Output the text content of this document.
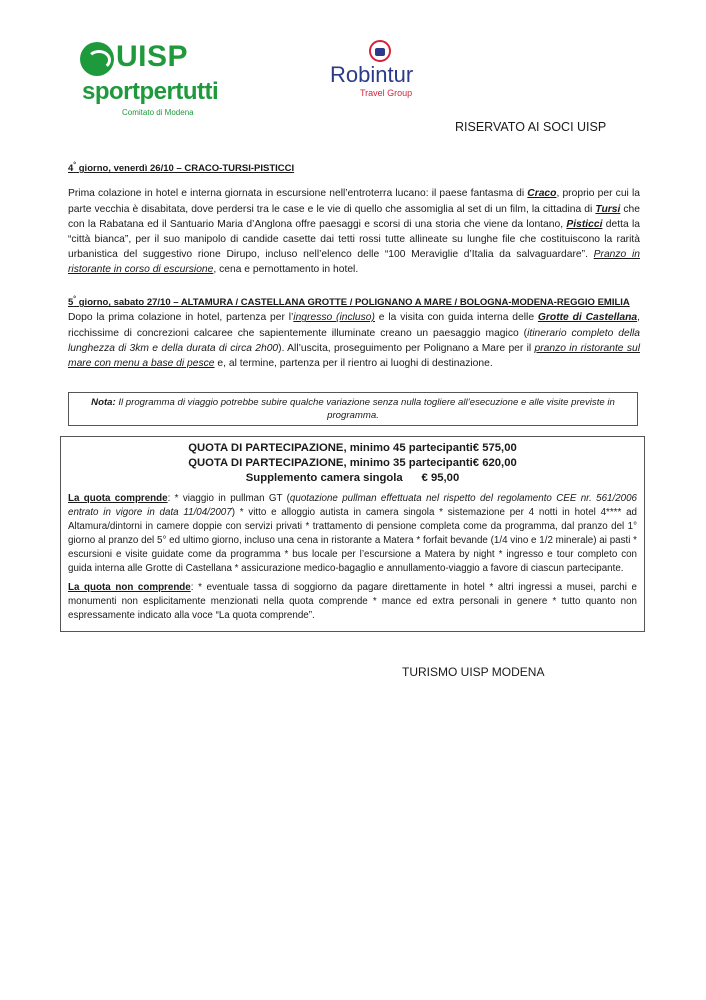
UISP
sportpertutti
Comitato di Modena
Robintur
Travel Group
RISERVATO AI SOCI UISP
4° giorno, venerdì 26/10 – CRACO-TURSI-PISTICCI

Prima colazione in hotel e interna giornata in escursione nell’entroterra lucano: il paese fantasma di Craco, proprio per cui la parte vecchia è disabitata, dove perdersi tra le case e le vie di quello che assomiglia al set di un film, la cittadina di Tursi che con la Rabatana ed il Santuario Maria d’Anglona offre paesaggi e scorsi di una storia che viene da lontano, Pisticci detta la “città bianca”, per il suo manipolo di candide casette dai tetti rossi tutte allineate su lunghe file che costituiscono la rarità urbanistica del suggestivo rione Dirupo, incluso nell’elenco delle “100 Meraviglie d’Italia da salvaguardare”. Pranzo in ristorante in corso di escursione, cena e pernottamento in hotel.

5° giorno, sabato 27/10 – ALTAMURA / CASTELLANA GROTTE / POLIGNANO A MARE / BOLOGNA-MODENA-REGGIO EMILIA

Dopo la prima colazione in hotel, partenza per l’ingresso (incluso) e la visita con guida interna delle Grotte di Castellana, ricchissime di concrezioni calcaree che sapientemente illuminate creano un paesaggio magico (itinerario completo della lunghezza di 3km e della durata di circa 2h00). All’uscita, proseguimento per Polignano a Mare per il pranzo in ristorante sul mare con menu a base di pesce e, al termine, partenza per il rientro ai luoghi di destinazione.

Nota: Il programma di viaggio potrebbe subire qualche variazione senza nulla togliere all’esecuzione e alle visite previste in programma.
QUOTA DI PARTECIPAZIONE, minimo 45 partecipanti€ 575,00
QUOTA DI PARTECIPAZIONE, minimo 35 partecipanti€ 620,00
Supplemento camera singola      € 95,00
La quota comprende: * viaggio in pullman GT (quotazione pullman effettuata nel rispetto del regolamento CEE nr. 561/2006 entrato in vigore in data 11/04/2007) * vitto e alloggio autista in camera singola * sistemazione per 4 notti in hotel 4**** ad Altamura/dintorni in camere doppie con servizi privati * trattamento di pensione completa come da programma, dal pranzo del 1° giorno al pranzo del 5° ed ultimo giorno, incluso una cena in ristorante a Matera * forfait bevande (1/4 vino e 1/2 minerale) ai pasti * escursioni e visite guidate come da programma * bus locale per l’escursione a Matera by night * ingresso e tour completo con guida interna alle Grotte di Castellana * assicurazione medico-bagaglio e annullamento-viaggio a favore di ciascun partecipante.
La quota non comprende: * eventuale tassa di soggiorno da pagare direttamente in hotel * altri ingressi a musei, parchi e monumenti non esplicitamente menzionati nella quota comprende * mance ed extra personali in genere * tutto quanto non espressamente indicato alla voce “La quota comprende”.
TURISMO UISP MODENA
